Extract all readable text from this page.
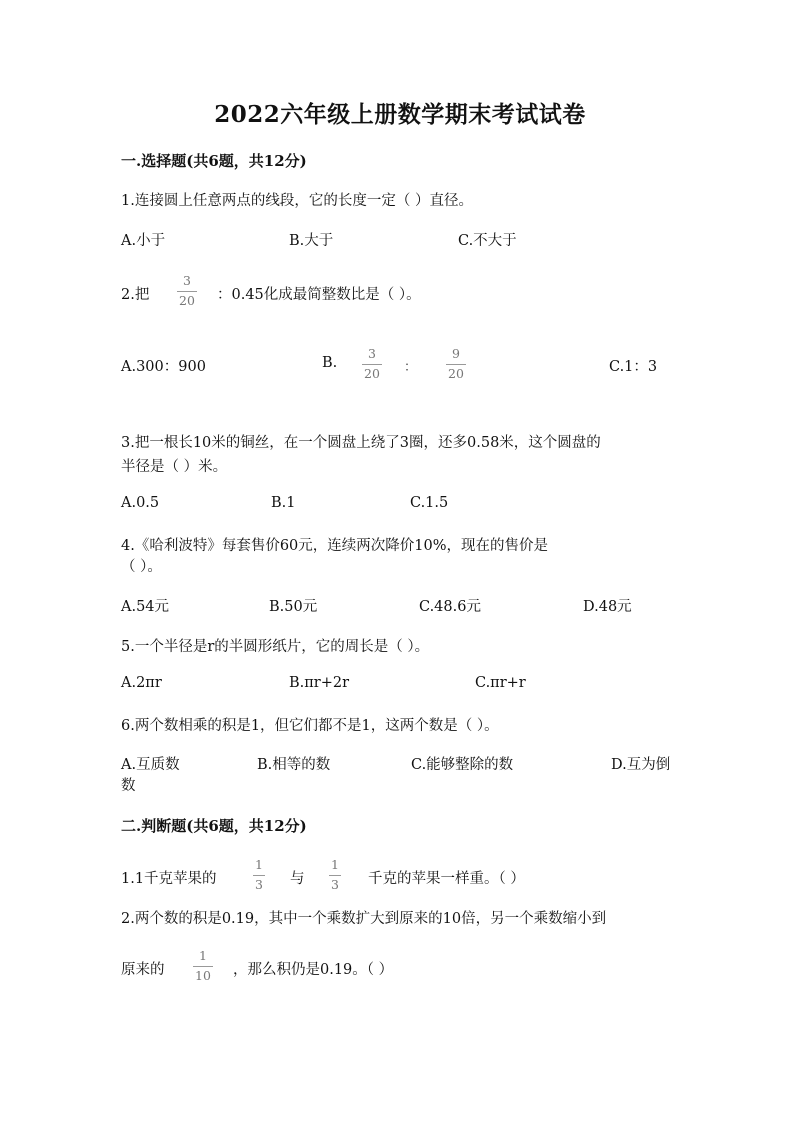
2022六年级上册数学期末考试试卷
一.选择题(共6题，共12分)
1.连接圆上任意两点的线段，它的长度一定（ ）直径。
A.小于	B.大于	C.不大于
2.把
3
20 ：0.45化成最简整数比是（ ）。
A.300：900	B.
3
20 ：
9
20	C.1：3
3.把一根长10米的铜丝，在一个圆盘上绕了3圈，还多0.58米，这个圆盘的
半径是（ ）米。
A.0.5	B.1	C.1.5
4.《哈利波特》每套售价60元，连续两次降价10%，现在的售价是
（ ）。
A.54元	B.50元	C.48.6元	D.48元
5.一个半径是r的半圆形纸片，它的周长是（ ）。
A.2πr	B.πr+2r	C.πr+r
6.两个数相乘的积是1，但它们都不是1，这两个数是（ ）。
A.互质数	B.相等的数	C.能够整除的数	D.互为倒
数
二.判断题(共6题，共12分)
1.1千克苹果的
1
3 与
1
3 千克的苹果一样重。（ ）
2.两个数的积是0.19，其中一个乘数扩大到原来的10倍，另一个乘数缩小到
原来的
1
10 ，那么积仍是0.19。（ ）
